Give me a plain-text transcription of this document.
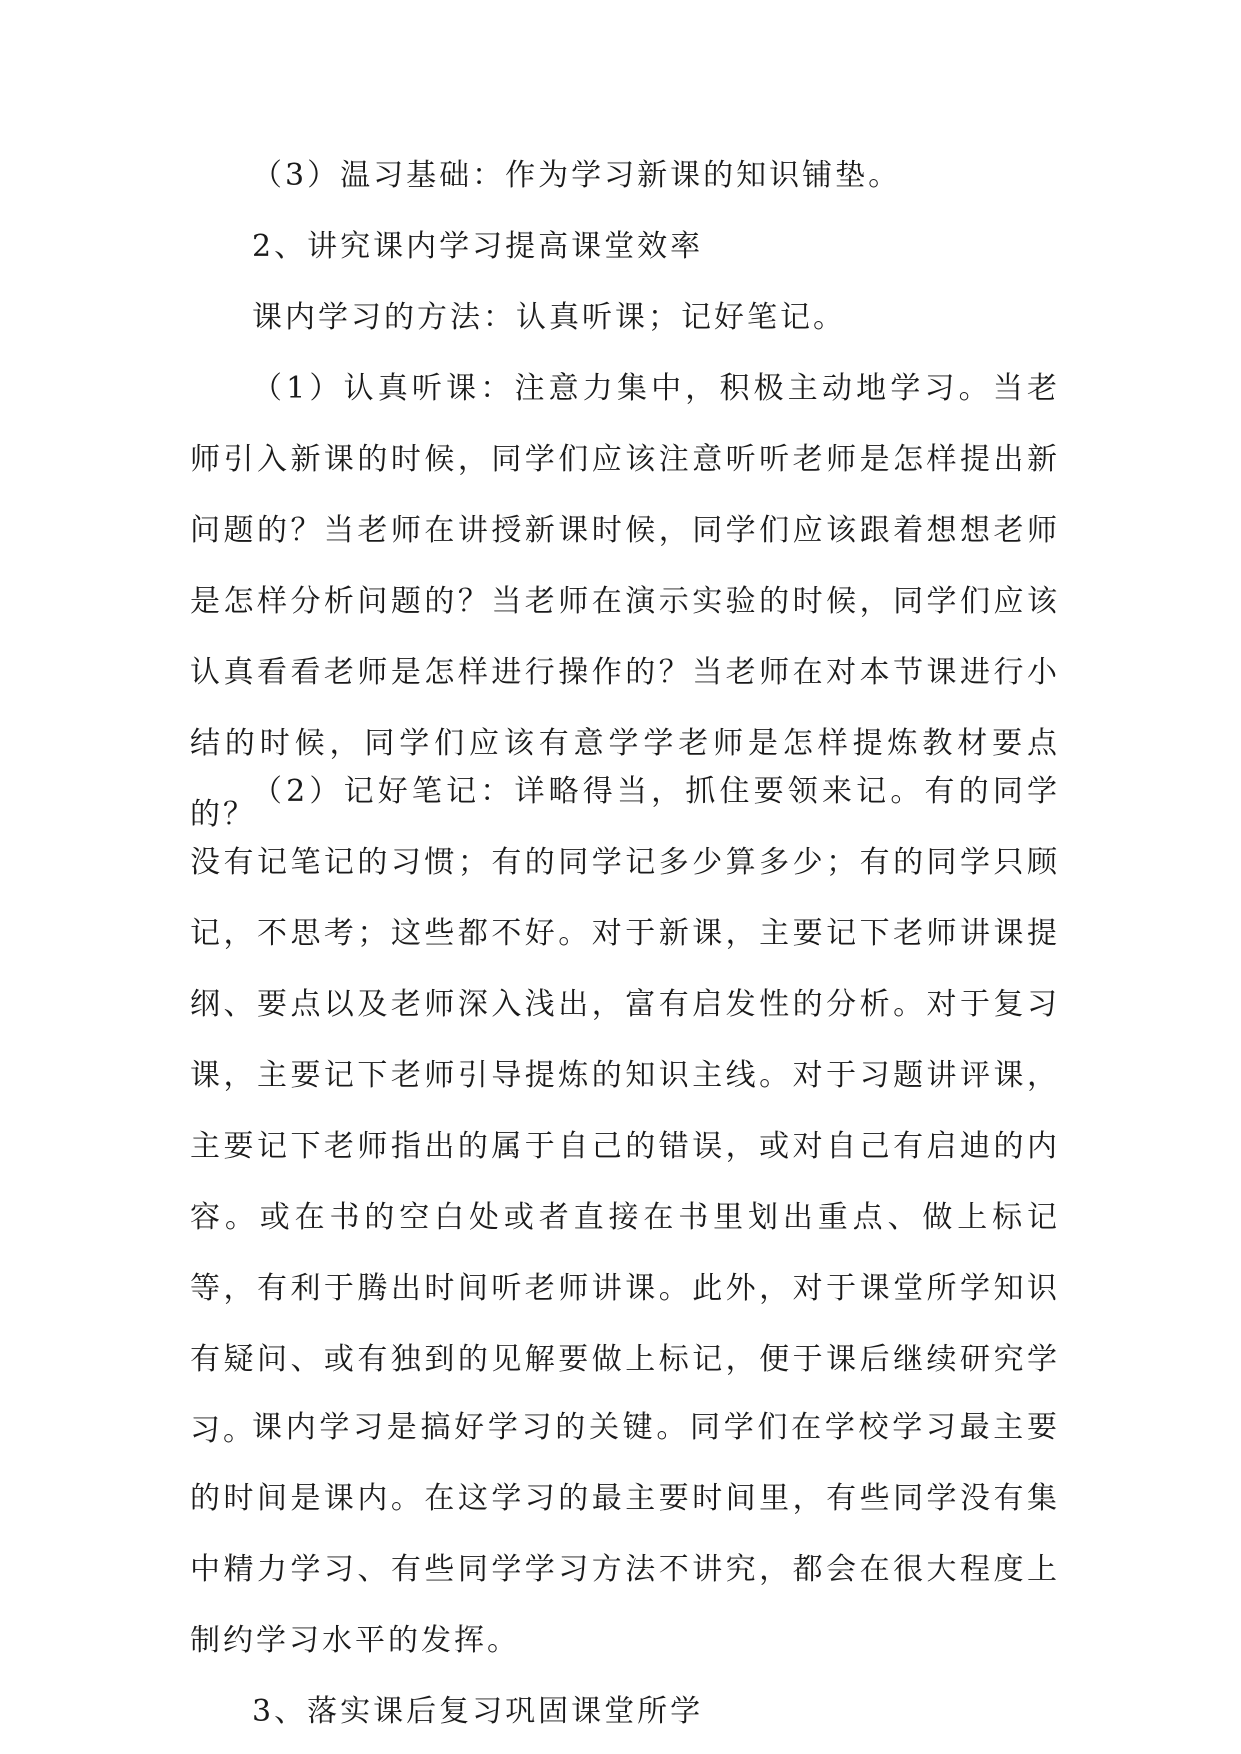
（3）温习基础：作为学习新课的知识铺垫。

2、讲究课内学习提高课堂效率

课内学习的方法：认真听课；记好笔记。

（1）认真听课：注意力集中，积极主动地学习。当老师引入新课的时候，同学们应该注意听听老师是怎样提出新问题的？当老师在讲授新课时候，同学们应该跟着想想老师是怎样分析问题的？当老师在演示实验的时候，同学们应该认真看看老师是怎样进行操作的？当老师在对本节课进行小结的时候，同学们应该有意学学老师是怎样提炼教材要点的？

（2）记好笔记：详略得当，抓住要领来记。有的同学没有记笔记的习惯；有的同学记多少算多少；有的同学只顾记，不思考；这些都不好。对于新课，主要记下老师讲课提纲、要点以及老师深入浅出，富有启发性的分析。对于复习课，主要记下老师引导提炼的知识主线。对于习题讲评课，主要记下老师指出的属于自己的错误，或对自己有启迪的内容。或在书的空白处或者直接在书里划出重点、做上标记等，有利于腾出时间听老师讲课。此外，对于课堂所学知识有疑问、或有独到的见解要做上标记，便于课后继续研究学习。

课内学习是搞好学习的关键。同学们在学校学习最主要的时间是课内。在这学习的最主要时间里，有些同学没有集中精力学习、有些同学学习方法不讲究，都会在很大程度上制约学习水平的发挥。

3、落实课后复习巩固课堂所学
